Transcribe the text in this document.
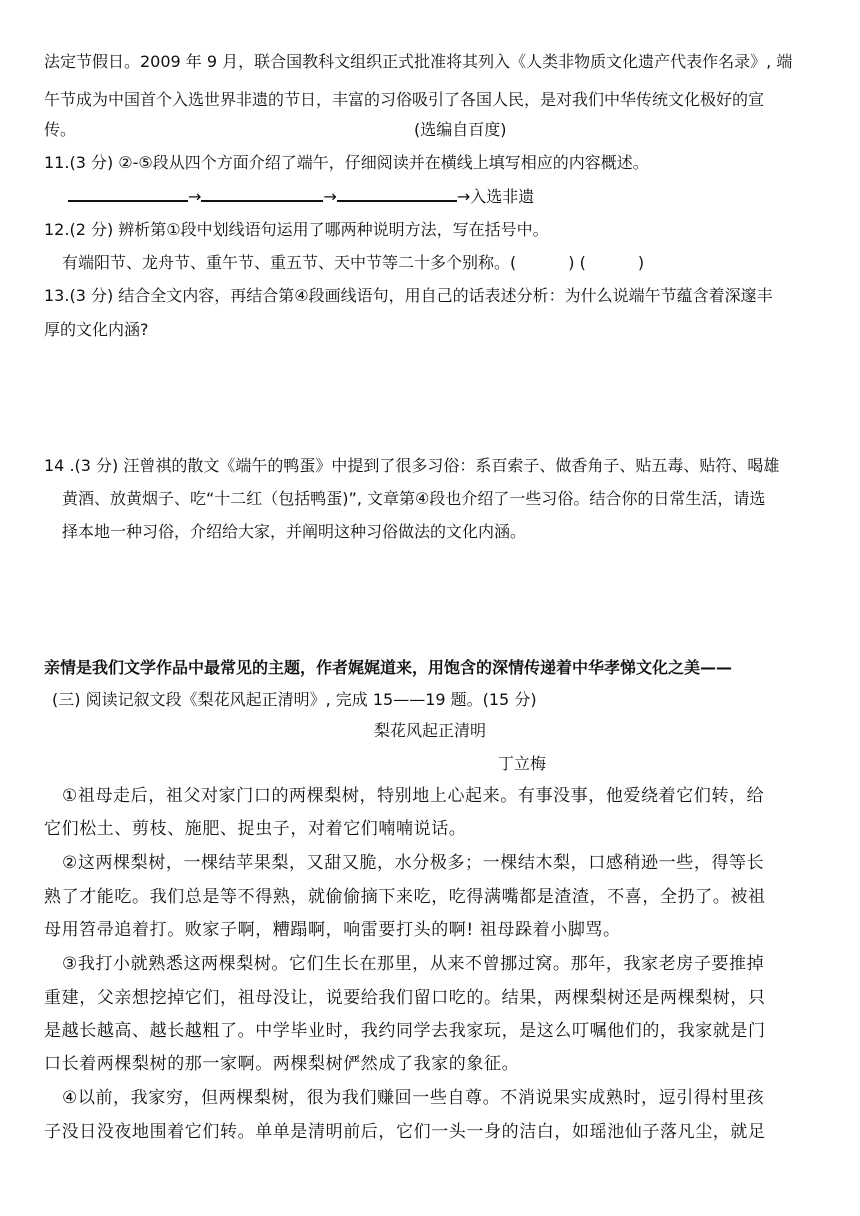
法定节假日。2009 年 9 月，联合国教科文组织正式批准将其列入《人类非物质文化遗产代表作名录》, 端
午节成为中国首个入选世界非遗的节日，丰富的习俗吸引了各国人民，是对我们中华传统文化极好的宣
传。	(选编自百度)
11.(3 分) ②-⑤段从四个方面介绍了端午，仔细阅读并在横线上填写相应的内容概述。
→	→	→入选非遗
12.(2 分) 辨析第①段中划线语句运用了哪两种说明方法，写在括号中。
有端阳节、龙舟节、重午节、重五节、天中节等二十多个别称。(	) (	)
13.(3 分) 结合全文内容，再结合第④段画线语句，用自己的话表述分析：为什么说端午节蕴含着深邃丰
厚的文化内涵?
14 .(3 分) 汪曾祺的散文《端午的鸭蛋》中提到了很多习俗：系百索子、做香角子、贴五毒、贴符、喝雄
黄酒、放黄烟子、吃“十二红（包括鸭蛋)”, 文章第④段也介绍了一些习俗。结合你的日常生活，请选
择本地一种习俗，介绍给大家，并阐明这种习俗做法的文化内涵。
亲情是我们文学作品中最常见的主题，作者娓娓道来，用饱含的深情传递着中华孝悌文化之美——
(三) 阅读记叙文段《梨花风起正清明》, 完成 15——19 题。(15 分)
梨花风起正清明
丁立梅
①祖母走后，祖父对家门口的两棵梨树，特别地上心起来。有事没事，他爱绕着它们转，给
它们松土、剪枝、施肥、捉虫子，对着它们喃喃说话。
②这两棵梨树，一棵结苹果梨，又甜又脆，水分极多；一棵结木梨，口感稍逊一些，得等长
熟了才能吃。我们总是等不得熟，就偷偷摘下来吃，吃得满嘴都是渣渣，不喜，全扔了。被祖
母用笤帚追着打。败家子啊，糟蹋啊，响雷要打头的啊! 祖母跺着小脚骂。
③我打小就熟悉这两棵梨树。它们生长在那里，从来不曾挪过窝。那年，我家老房子要推掉
重建，父亲想挖掉它们，祖母没让，说要给我们留口吃的。结果，两棵梨树还是两棵梨树，只
是越长越高、越长越粗了。中学毕业时，我约同学去我家玩，是这么叮嘱他们的，我家就是门
口长着两棵梨树的那一家啊。两棵梨树俨然成了我家的象征。
④以前，我家穷，但两棵梨树，很为我们赚回一些自尊。不消说果实成熟时，逗引得村里孩
子没日没夜地围着它们转。单单是清明前后，它们一头一身的洁白，如瑶池仙子落凡尘，就足
